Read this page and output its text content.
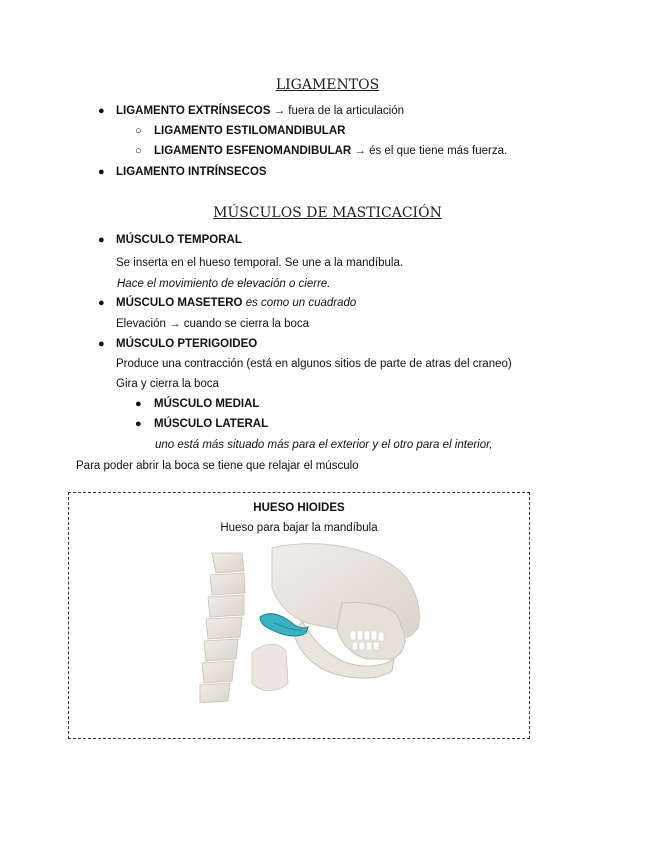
LIGAMENTOS
● LIGAMENTO EXTRÍNSECOS → fuera de la articulación
○ LIGAMENTO ESTILOMANDIBULAR
○ LIGAMENTO ESFENOMANDIBULAR → és el que tiene más fuerza.
● LIGAMENTO INTRÍNSECOS
MÚSCULOS DE MASTICACIÓN
● MÚSCULO TEMPORAL
Se inserta en el hueso temporal. Se une a la mandíbula.
Hace el movimiento de elevación o cierre.
● MÚSCULO MASETERO es como un cuadrado
Elevación → cuando se cierra la boca
● MÚSCULO PTERIGOIDEO
Produce una contracción (está en algunos sitios de parte de atras del craneo)
Gira y cierra la boca
● MÚSCULO MEDIAL
● MÚSCULO LATERAL
uno está más situado más para el exterior y el otro para el interior,
Para poder abrir la boca se tiene que relajar el músculo
HUESO HIOIDES
Hueso para bajar la mandíbula
